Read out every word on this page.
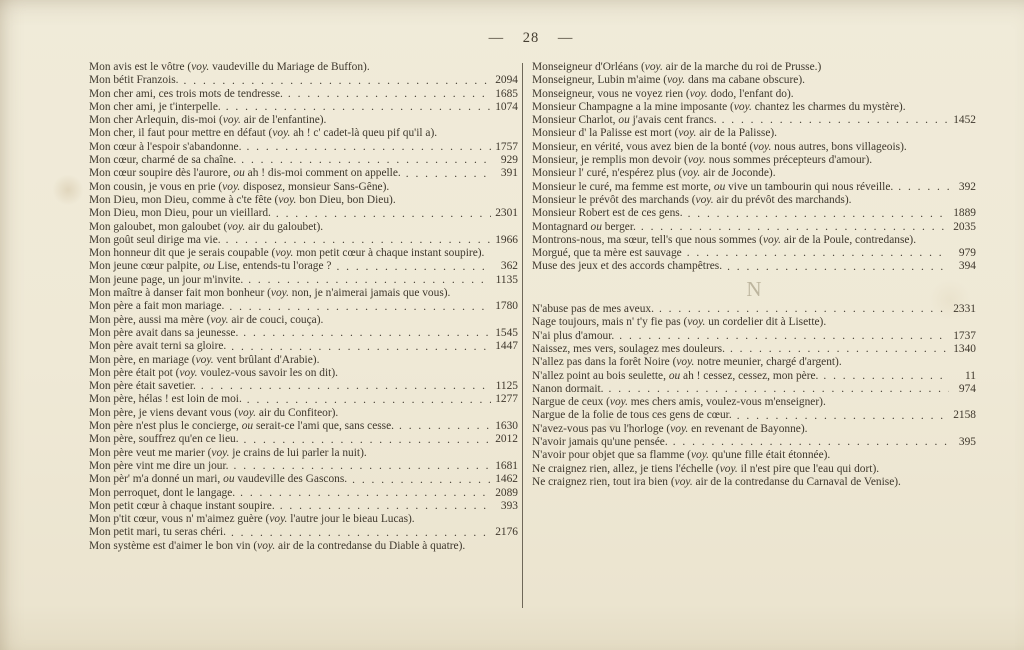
— 28 —
Mon avis est le vôtre (voy. vaudeville du Mariage de Buffon).
Mon bétit Franzois. . . .	2094
Mon cher ami, ces trois mots de tendresse. . . .	1685
Mon cher ami, je t'interpelle. . . .	1074
Mon cher Arlequin, dis-moi (voy. air de l'enfantine).
Mon cher, il faut pour mettre en défaut (voy. ah ! c' cadet-là queu pif qu'il a).
Mon cœur à l'espoir s'abandonne. . . .	1757
Mon cœur, charmé de sa chaîne. . . .	929
Mon cœur soupire dès l'aurore, ou ah ! dis-moi comment on appelle. . . .	391
Mon cousin, je vous en prie (voy. disposez, monsieur Sans-Gêne).
Mon Dieu, mon Dieu, comme à c'te fête (voy. bon Dieu, bon Dieu).
Mon Dieu, mon Dieu, pour un vieillard. . . .	2301
Mon galoubet, mon galoubet (voy. air du galoubet).
Mon goût seul dirige ma vie. . . .	1966
Mon honneur dit que je serais coupable (voy. mon petit cœur à chaque instant soupire).
Mon jeune cœur palpite, ou Lise, entends-tu l'orage ? . . .	362
Mon jeune page, un jour m'invite. . . .	1135
Mon maître à danser fait mon bonheur (voy. non, je n'aimerai jamais que vous).
Mon père a fait mon mariage. . . .	1780
Mon père, aussi ma mère (voy. air de couci, couça).
Mon père avait dans sa jeunesse. . . .	1545
Mon père avait terni sa gloire. . . .	1447
Mon père, en mariage (voy. vent brûlant d'Arabie).
Mon père était pot (voy. voulez-vous savoir les on dit).
Mon père était savetier. . . .	1125
Mon père, hélas ! est loin de moi. . . .	1277
Mon père, je viens devant vous (voy. air du Confiteor).
Mon père n'est plus le concierge, ou serait-ce l'ami que, sans cesse. . . .	1630
Mon père, souffrez qu'en ce lieu. . . .	2012
Mon père veut me marier (voy. je crains de lui parler la nuit).
Mon père vint me dire un jour. . . .	1681
Mon pèr' m'a donné un mari, ou vaudeville des Gascons. . . .	1462
Mon perroquet, dont le langage. . . .	2089
Mon petit cœur à chaque instant soupire. . . .	393
Mon p'tit cœur, vous n' m'aimez guère (voy. l'autre jour le bieau Lucas).
Mon petit mari, tu seras chéri. . . .	2176
Mon système est d'aimer le bon vin (voy. air de la contredanse du Diable à quatre).
Monseigneur d'Orléans (voy. air de la marche du roi de Prusse.)
Monseigneur, Lubin m'aime (voy. dans ma cabane obscure).
Monseigneur, vous ne voyez rien (voy. dodo, l'enfant do).
Monsieur Champagne a la mine imposante (voy. chantez les charmes du mystère).
Monsieur Charlot, ou j'avais cent francs. . . .	1452
Monsieur d' la Palisse est mort (voy. air de la Palisse).
Monsieur, en vérité, vous avez bien de la bonté (voy. nous autres, bons villageois).
Monsieur, je remplis mon devoir (voy. nous sommes précepteurs d'amour).
Monsieur l' curé, n'espérez plus (voy. air de Joconde).
Monsieur le curé, ma femme est morte, ou vive un tambourin qui nous réveille. . . .	392
Monsieur le prévôt des marchands (voy. air du prévôt des marchands).
Monsieur Robert est de ces gens. . . .	1889
Montagnard ou berger. . . .	2035
Montrons-nous, ma sœur, tell's que nous sommes (voy. air de la Poule, contredanse).
Morgué, que ta mère est sauvage . . .	979
Muse des jeux et des accords champêtres. . . .	394
N
N'abuse pas de mes aveux. . . .	2331
Nage toujours, mais n' t'y fie pas (voy. un cordelier dit à Lisette).
N'ai plus d'amour. . . .	1737
Naissez, mes vers, soulagez mes douleurs. . . .	1340
N'allez pas dans la forêt Noire (voy. notre meunier, chargé d'argent).
N'allez point au bois seulette, ou ah ! cessez, cessez, mon père. . . .	11
Nanon dormait. . . .	974
Nargue de ceux (voy. mes chers amis, voulez-vous m'enseigner).
Nargue de la folie de tous ces gens de cœur. . . .	2158
N'avez-vous pas vu l'horloge (voy. en revenant de Bayonne).
N'avoir jamais qu'une pensée. . . .	395
N'avoir pour objet que sa flamme (voy. qu'une fille était étonnée).
Ne craignez rien, allez, je tiens l'échelle (voy. il n'est pire que l'eau qui dort).
Ne craignez rien, tout ira bien (voy. air de la contredanse du Carnaval de Venise).
